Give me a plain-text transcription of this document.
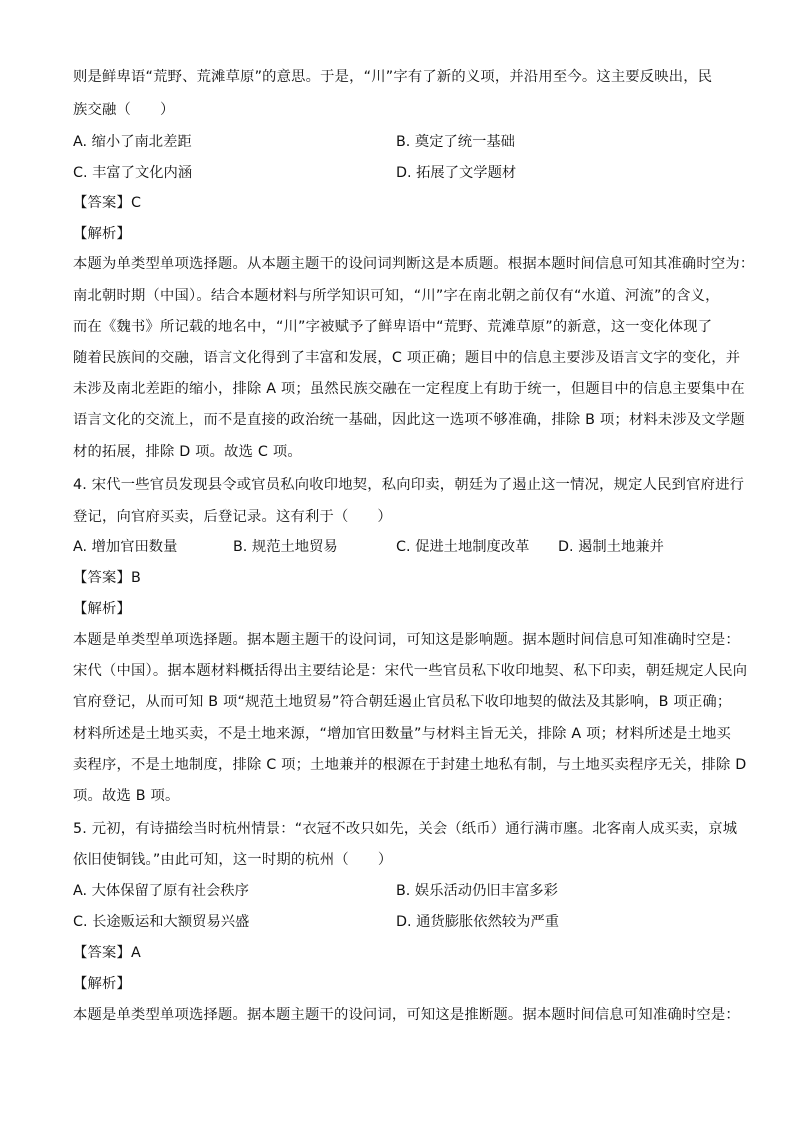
则是鲜卑语“荒野、荒滩草原”的意思。于是，“川”字有了新的义项，并沿用至今。这主要反映出，民
族交融（　　）
A. 缩小了南北差距	B. 奠定了统一基础
C. 丰富了文化内涵	D. 拓展了文学题材
【答案】C
【解析】
本题为单类型单项选择题。从本题主题干的设问词判断这是本质题。根据本题时间信息可知其准确时空为：
南北朝时期（中国）。结合本题材料与所学知识可知，“川”字在南北朝之前仅有“水道、河流”的含义，
而在《魏书》所记载的地名中，“川”字被赋予了鲜卑语中“荒野、荒滩草原”的新意，这一变化体现了
随着民族间的交融，语言文化得到了丰富和发展，C 项正确；题目中的信息主要涉及语言文字的变化，并
未涉及南北差距的缩小，排除 A 项；虽然民族交融在一定程度上有助于统一，但题目中的信息主要集中在
语言文化的交流上，而不是直接的政治统一基础，因此这一选项不够准确，排除 B 项；材料未涉及文学题
材的拓展，排除 D 项。故选 C 项。
4. 宋代一些官员发现县令或官员私向收印地契，私向印卖，朝廷为了遏止这一情况，规定人民到官府进行
登记，向官府买卖，后登记录。这有利于（　　）
A. 增加官田数量	B. 规范土地贸易	C. 促进土地制度改革 D. 遏制土地兼并
【答案】B
【解析】
本题是单类型单项选择题。据本题主题干的设问词，可知这是影响题。据本题时间信息可知准确时空是：
宋代（中国）。据本题材料概括得出主要结论是：宋代一些官员私下收印地契、私下印卖，朝廷规定人民向
官府登记，从而可知 B 项“规范土地贸易”符合朝廷遏止官员私下收印地契的做法及其影响，B 项正确；
材料所述是土地买卖，不是土地来源，“增加官田数量”与材料主旨无关，排除 A 项；材料所述是土地买
卖程序，不是土地制度，排除 C 项；土地兼并的根源在于封建土地私有制，与土地买卖程序无关，排除 D
项。故选 B 项。
5. 元初，有诗描绘当时杭州情景：“衣冠不改只如先，关会（纸币）通行满市廛。北客南人成买卖，京城
依旧使铜钱。”由此可知，这一时期的杭州（　　）
A. 大体保留了原有社会秩序	B. 娱乐活动仍旧丰富多彩
C. 长途贩运和大额贸易兴盛	D. 通货膨胀依然较为严重
【答案】A
【解析】
本题是单类型单项选择题。据本题主题干的设问词，可知这是推断题。据本题时间信息可知准确时空是：
